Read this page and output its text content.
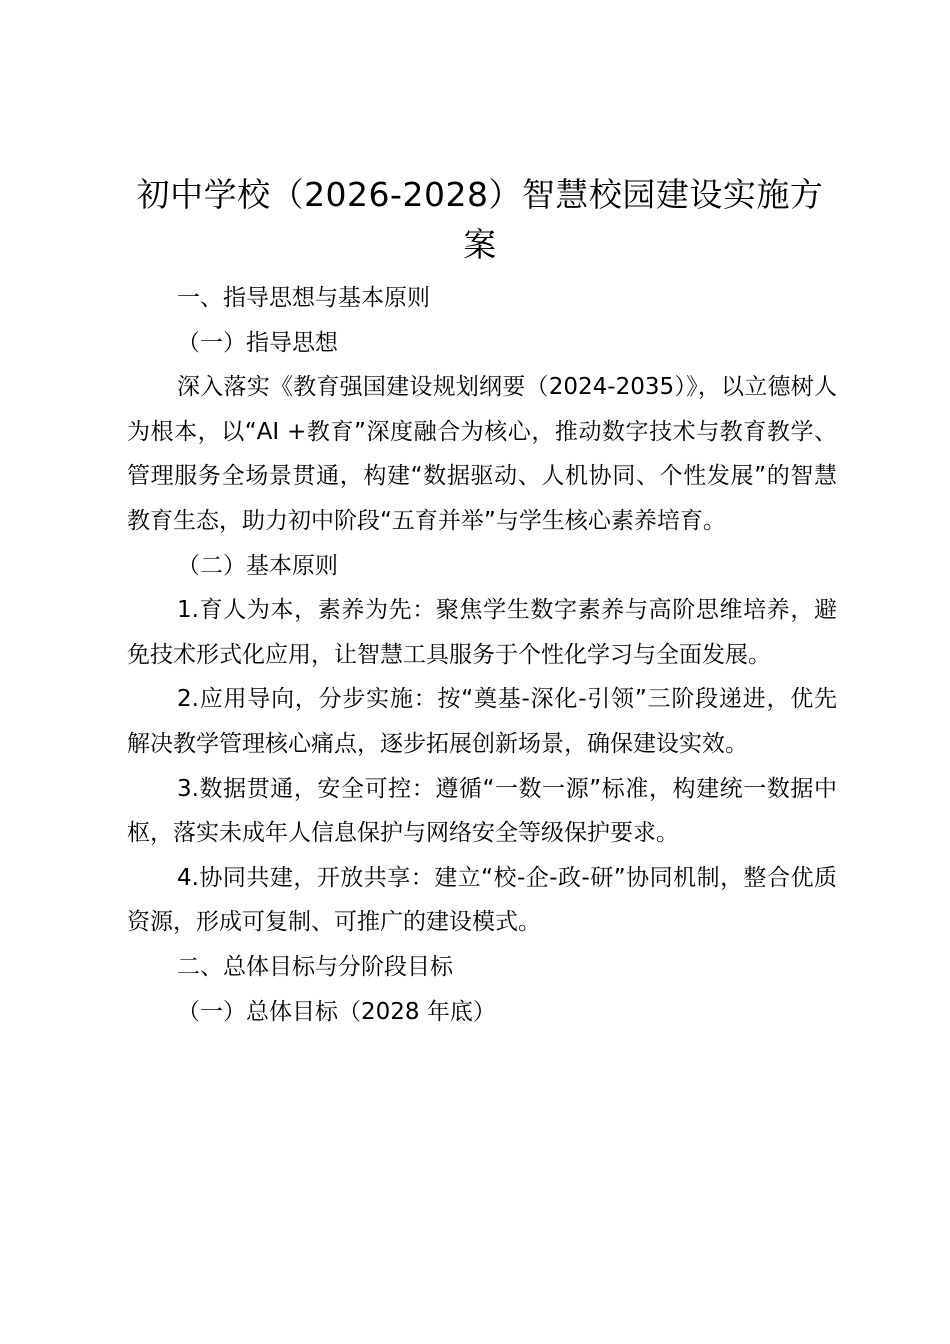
初中学校（2026-2028）智慧校园建设实施方案

一、指导思想与基本原则

（一）指导思想

深入落实《教育强国建设规划纲要（2024-2035）》，以立德树人为根本，以“AI +教育”深度融合为核心，推动数字技术与教育教学、管理服务全场景贯通，构建“数据驱动、人机协同、个性发展”的智慧教育生态，助力初中阶段“五育并举”与学生核心素养培育。

（二）基本原则

1.育人为本，素养为先：聚焦学生数字素养与高阶思维培养，避免技术形式化应用，让智慧工具服务于个性化学习与全面发展。

2.应用导向，分步实施：按“奠基-深化-引领”三阶段递进，优先解决教学管理核心痛点，逐步拓展创新场景，确保建设实效。

3.数据贯通，安全可控：遵循“一数一源”标准，构建统一数据中枢，落实未成年人信息保护与网络安全等级保护要求。

4.协同共建，开放共享：建立“校-企-政-研”协同机制，整合优质资源，形成可复制、可推广的建设模式。

二、总体目标与分阶段目标

（一）总体目标（2028 年底）
